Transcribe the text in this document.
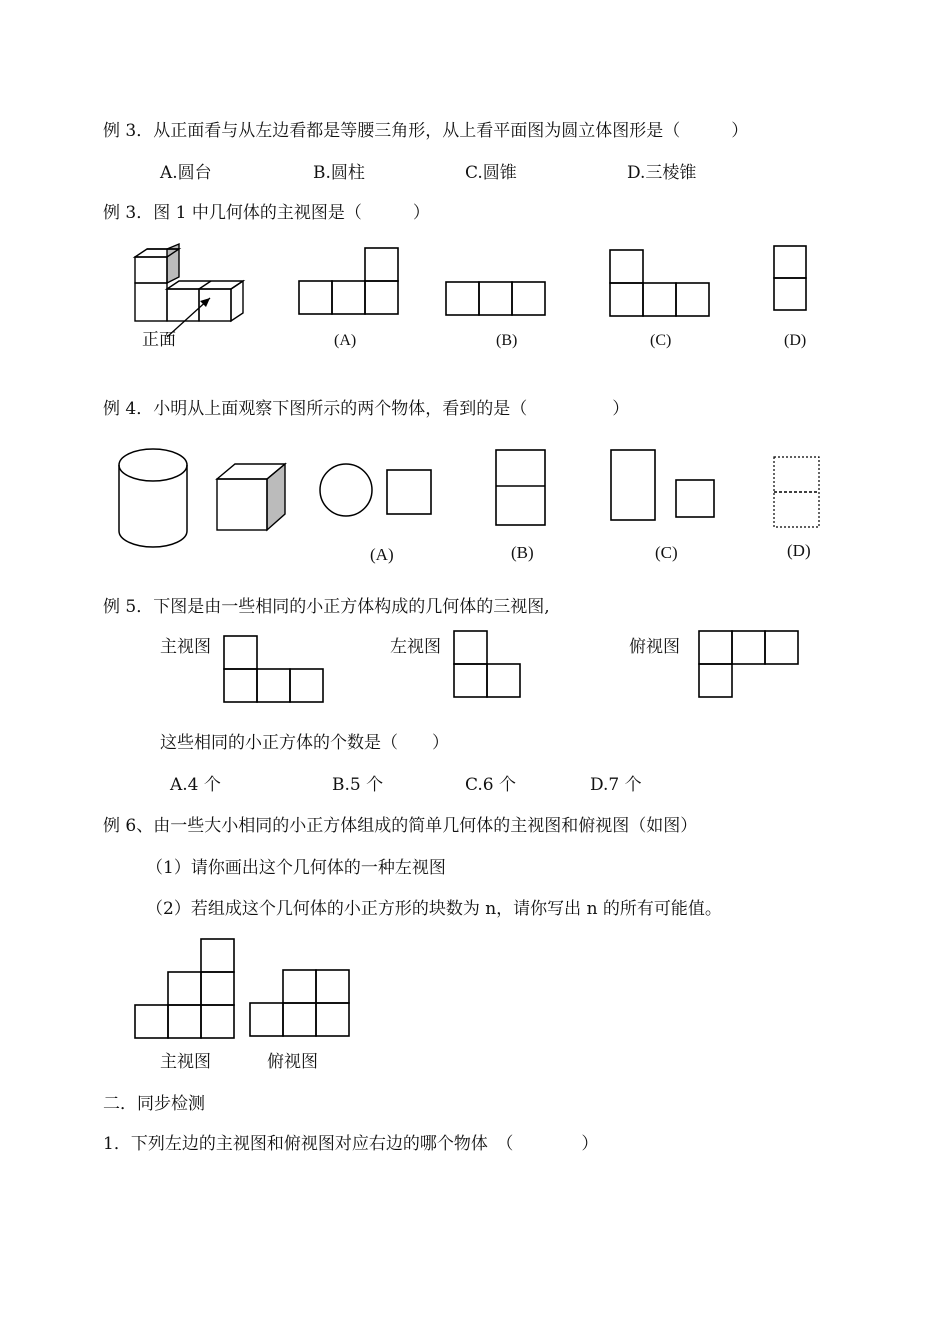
例 3．从正面看与从左边看都是等腰三角形，从上看平面图为圆立体图形是（　　　）
A.圆台	B.圆柱	C.圆锥	D.三棱锥
例 3．图 1 中几何体的主视图是（　　　）
正面	(A)	(B)	(C)	(D)
例 4．小明从上面观察下图所示的两个物体，看到的是（　　　　　）
(A)	(B)	(C)	(D)
例 5．下图是由一些相同的小正方体构成的几何体的三视图,
主视图	左视图	俯视图
这些相同的小正方体的个数是（　　）
A.4 个	B.5 个	C.6 个	D.7 个
例 6、由一些大小相同的小正方体组成的简单几何体的主视图和俯视图（如图）
（1）请你画出这个几何体的一种左视图
（2）若组成这个几何体的小正方形的块数为 n，请你写出 n 的所有可能值。
主视图	俯视图
二．同步检测
1．下列左边的主视图和俯视图对应右边的哪个物体　（　　　　）
